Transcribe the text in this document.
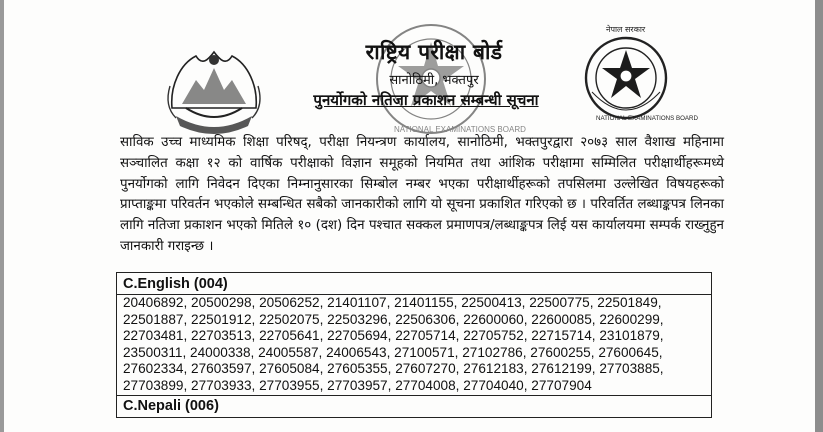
NATIONAL EXAMINATIONS BOARD
नेपाल सरकार
NATIONAL EXAMINATIONS BOARD
राष्ट्रिय परीक्षा बोर्ड
सानोठिमी, भक्तपुर
पुनर्योगको नतिजा प्रकाशन सम्बन्धी सूचना

साविक उच्च माध्यमिक शिक्षा परिषद्, परीक्षा नियन्त्रण कार्यालय, सानोठिमी, भक्तपुरद्वारा २०७३ साल वैशाख महिनामा सञ्चालित कक्षा १२ को वार्षिक परीक्षाको विज्ञान समूहको नियमित तथा आंशिक परीक्षामा सम्मिलित परीक्षार्थीहरूमध्ये पुनर्योगको लागि निवेदन दिएका निम्नानुसारका सिम्बोल नम्बर भएका परीक्षार्थीहरूको तपसिलमा उल्लेखित विषयहरूको प्राप्ताङ्कमा परिवर्तन भएकोले सम्बन्धित सबैको जानकारीको लागि यो सूचना प्रकाशित गरिएको छ । परिवर्तित लब्धाङ्कपत्र लिनका लागि नतिजा प्रकाशन भएको मितिले १० (दश) दिन पश्चात सक्कल प्रमाणपत्र/लब्धाङ्कपत्र लिई यस कार्यालयमा सम्पर्क राख्नुहुन जानकारी गराइन्छ ।

C.English (004)
20406892, 20500298, 20506252, 21401107, 21401155, 22500413, 22500775, 22501849, 22501887, 22501912, 22502075, 22503296, 22506306, 22600060, 22600085, 22600299, 22703481, 22703513, 22705641, 22705694, 22705714, 22705752, 22715714, 23101879, 23500311, 24000338, 24005587, 24006543, 27100571, 27102786, 27600255, 27600645, 27602334, 27603597, 27605084, 27605355, 27607270, 27612183, 27612199, 27703885, 27703899, 27703933, 27703955, 27703957, 27704008, 27704040, 27707904
C.Nepali (006)
